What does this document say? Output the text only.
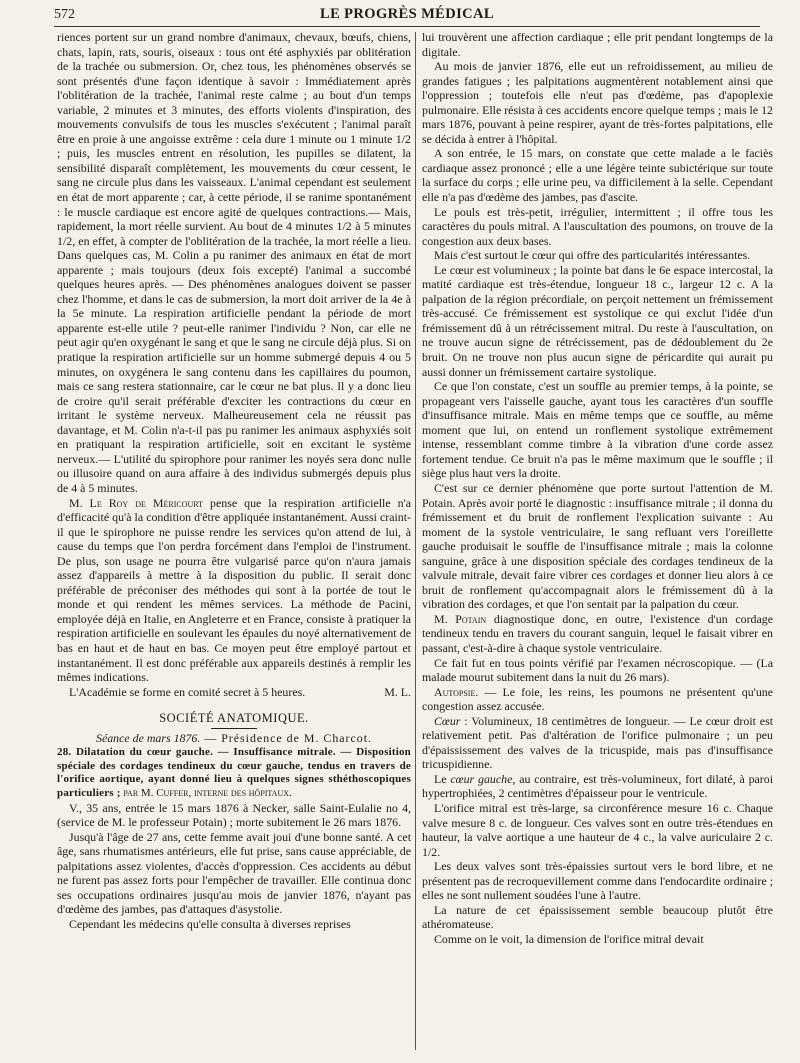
572	LE PROGRÈS MÉDICAL

riences portent sur un grand nombre d'animaux, chevaux, bœufs, chiens, chats, lapin, rats, souris, oiseaux : tous ont été asphyxiés par oblitération de la trachée ou submersion. Or, chez tous, les phénomènes observés se sont présentés d'une façon identique à savoir : Immédiatement après l'oblitération de la trachée, l'animal reste calme ; au bout d'un temps variable, 2 minutes et 3 minutes, des efforts violents d'inspiration, des mouvements convulsifs de tous les muscles s'exécutent ; l'animal paraît être en proie à une angoisse extrême : cela dure 1 minute ou 1 minute 1/2 ; puis, les muscles entrent en résolution, les pupilles se dilatent, la sensibilité disparaît complètement, les mouvements du cœur cessent, le sang ne circule plus dans les vaisseaux. L'animal cependant est seulement en état de mort apparente ; car, à cette période, il se ranime spontanément : le muscle cardiaque est encore agité de quelques contractions.— Mais, rapidement, la mort réelle survient. Au bout de 4 minutes 1/2 à 5 minutes 1/2, en effet, à compter de l'oblitération de la trachée, la mort réelle a lieu. Dans quelques cas, M. Colin a pu ranimer des animaux en état de mort apparente ; mais toujours (deux fois excepté) l'animal a succombé quelques heures après. — Des phénomènes analogues doivent se passer chez l'homme, et dans le cas de submersion, la mort doit arriver de la 4e à la 5e minute. La respiration artificielle pendant la période de mort apparente est-elle utile ? peut-elle ranimer l'individu ? Non, car elle ne peut agir qu'en oxygénant le sang et que le sang ne circule déjà plus. Si on pratique la respiration artificielle sur un homme submergé depuis 4 ou 5 minutes, on oxygénera le sang contenu dans les capillaires du poumon, mais ce sang restera stationnaire, car le cœur ne bat plus. Il y a donc lieu de croire qu'il serait préférable d'exciter les contractions du cœur en irritant le système nerveux. Malheureusement cela ne réussit pas davantage, et M. Colin n'a-t-il pas pu ranimer les animaux asphyxiés soit en pratiquant la respiration artificielle, soit en excitant le système nerveux.— L'utilité du spirophore pour ranimer les noyés sera donc nulle ou illusoire quand on aura affaire à des individus submergés depuis plus de 4 à 5 minutes.

M. Le Roy de Méricourt pense que la respiration artificielle n'a d'efficacité qu'à la condition d'être appliquée instantanément. Aussi craint-il que le spirophore ne puisse rendre les services qu'on attend de lui, à cause du temps que l'on perdra forcément dans l'emploi de l'instrument. De plus, son usage ne pourra être vulgarisé parce qu'on n'aura jamais assez d'appareils à mettre à la disposition du public. Il serait donc préférable de préconiser des méthodes qui sont à la portée de tout le monde et qui rendent les mêmes services. La méthode de Pacini, employée déjà en Italie, en Angleterre et en France, consiste à pratiquer la respiration artificielle en soulevant les épaules du noyé alternativement de bas en haut et de haut en bas. Ce moyen peut être employé partout et instantanément. Il est donc préférable aux appareils destinés à remplir les mêmes indications.

L'Académie se forme en comité secret à 5 heures.	M. L.

SOCIÉTÉ ANATOMIQUE.

Séance de mars 1876. — Présidence de M. Charcot.

28. Dilatation du cœur gauche. — Insuffisance mitrale. — Disposition spéciale des cordages tendineux du cœur gauche, tendus en travers de l'orifice aortique, ayant donné lieu à quelques signes sthéthoscopiques particuliers ; par M. Cuffer, interne des hôpitaux.

V., 35 ans, entrée le 15 mars 1876 à Necker, salle Saint-Eulalie no 4, (service de M. le professeur Potain) ; morte subitement le 26 mars 1876.

Jusqu'à l'âge de 27 ans, cette femme avait joui d'une bonne santé. A cet âge, sans rhumatismes antérieurs, elle fut prise, sans cause appréciable, de palpitations assez violentes, d'accès d'oppression. Ces accidents au début ne furent pas assez forts pour l'empêcher de travailler. Elle continua donc ses occupations ordinaires jusqu'au mois de janvier 1876, n'ayant pas d'œdème des jambes, pas d'attaques d'asystolie.

Cependant les médecins qu'elle consulta à diverses reprises

lui trouvèrent une affection cardiaque ; elle prit pendant longtemps de la digitale.

Au mois de janvier 1876, elle eut un refroidissement, au milieu de grandes fatigues ; les palpitations augmentèrent notablement ainsi que l'oppression ; toutefois elle n'eut pas d'œdème, pas d'apoplexie pulmonaire. Elle résista à ces accidents encore quelque temps ; mais le 12 mars 1876, pouvant à peine respirer, ayant de très-fortes palpitations, elle se décida à entrer à l'hôpital.

A son entrée, le 15 mars, on constate que cette malade a le faciès cardiaque assez prononcé ; elle a une légère teinte subictérique sur toute la surface du corps ; elle urine peu, va difficilement à la selle. Cependant elle n'a pas d'œdème des jambes, pas d'ascite.

Le pouls est très-petit, irrégulier, intermittent ; il offre tous les caractères du pouls mitral. A l'auscultation des poumons, on trouve de la congestion aux deux bases.

Mais c'est surtout le cœur qui offre des particularités intéressantes.

Le cœur est volumineux ; la pointe bat dans le 6e espace intercostal, la matité cardiaque est très-étendue, longueur 18 c., largeur 12 c. A la palpation de la région précordiale, on perçoit nettement un frémissement très-accusé. Ce frémissement est systolique ce qui exclut l'idée d'un frémissement dû à un rétrécissement mitral. Du reste à l'auscultation, on ne trouve aucun signe de rétrécissement, pas de dédoublement du 2e bruit. On ne trouve non plus aucun signe de péricardite qui aurait pu aussi donner un frémissement cartaire systolique.

Ce que l'on constate, c'est un souffle au premier temps, à la pointe, se propageant vers l'aisselle gauche, ayant tous les caractères d'un souffle d'insuffisance mitrale. Mais en même temps que ce souffle, au même moment que lui, on entend un ronflement systolique extrêmement intense, ressemblant comme timbre à la vibration d'une corde assez fortement tendue. Ce bruit n'a pas le même maximum que le souffle ; il siège plus haut vers la droite.

C'est sur ce dernier phénomène que porte surtout l'attention de M. Potain. Après avoir porté le diagnostic : insuffisance mitrale ; il donna du frémissement et du bruit de ronflement l'explication suivante : Au moment de la systole ventriculaire, le sang refluant vers l'oreillette gauche produisait le souffle de l'insuffisance mitrale ; mais la colonne sanguine, grâce à une disposition spéciale des cordages tendineux de la valvule mitrale, devait faire vibrer ces cordages et donner lieu alors à ce bruit de ronflement qu'accompagnait alors le frémissement dû à la vibration des cordages, et que l'on sentait par la palpation du cœur.

M. Potain diagnostique donc, en outre, l'existence d'un cordage tendineux tendu en travers du courant sanguin, lequel le faisait vibrer en passant, c'est-à-dire à chaque systole ventriculaire.

Ce fait fut en tous points vérifié par l'examen nécroscopique. — (La malade mourut subitement dans la nuit du 26 mars).

Autopsie. — Le foie, les reins, les poumons ne présentent qu'une congestion assez accusée.

Cœur : Volumineux, 18 centimètres de longueur. — Le cœur droit est relativement petit. Pas d'altération de l'orifice pulmonaire ; un peu d'épaississement des valves de la tricuspide, mais pas d'insuffisance tricuspidienne.

Le cœur gauche, au contraire, est très-volumineux, fort dilaté, à paroi hypertrophiées, 2 centimètres d'épaisseur pour le ventricule.

L'orifice mitral est très-large, sa circonférence mesure 16 c. Chaque valve mesure 8 c. de longueur. Ces valves sont en outre très-étendues en hauteur, la valve aortique a une hauteur de 4 c., la valve auriculaire 2 c. 1/2.

Les deux valves sont très-épaissies surtout vers le bord libre, et ne présentent pas de recroquevillement comme dans l'endocardite ordinaire ; elles ne sont nullement soudées l'une à l'autre.

La nature de cet épaississement semble beaucoup plutôt être athéromateuse.

Comme on le voit, la dimension de l'orifice mitral devait
